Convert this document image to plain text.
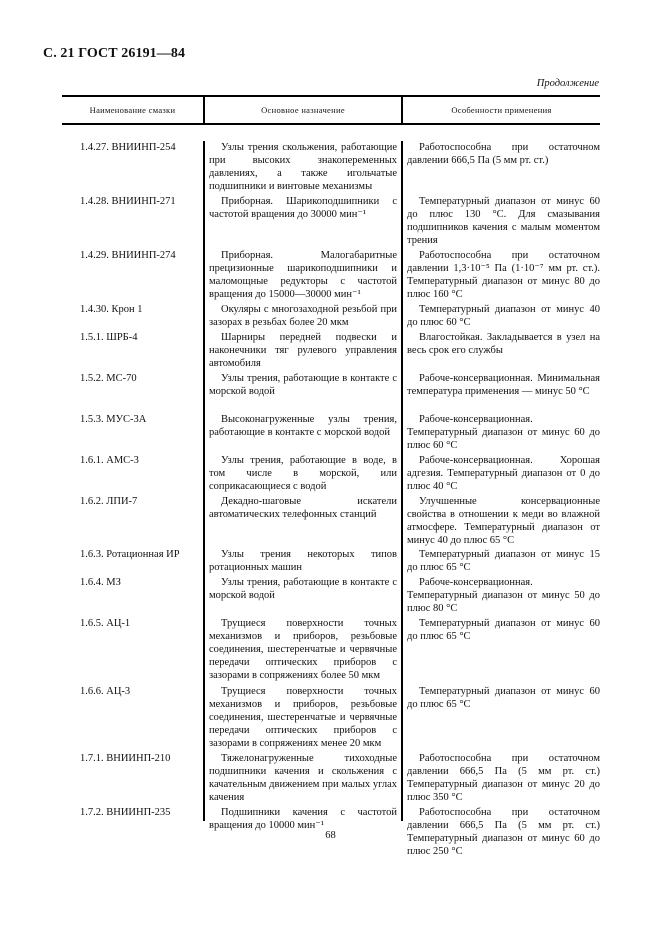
С. 21 ГОСТ 26191—84
Продолжение
Наименование смазки	Основное назначение	Особенности применения
1.4.27. ВНИИНП-254
1.4.28. ВНИИНП-271
1.4.29. ВНИИНП-274
1.4.30. Крон 1
1.5.1. ШРБ-4
1.5.2. МС-70
1.5.3. МУС-3А
1.6.1. АМС-3
1.6.2. ЛПИ-7
1.6.3. Ротационная ИР
1.6.4. МЗ
1.6.5. АЦ-1
1.6.6. АЦ-3
1.7.1. ВНИИНП-210
1.7.2. ВНИИНП-235
Узлы трения скольжения, работающие при высоких знакопеременных давлениях, а также игольчатые подшипники и винтовые механизмы
Приборная. Шарикоподшипники с частотой вращения до 30000 мин⁻¹
Приборная. Малогабаритные прецизионные шарикоподшипники и маломощные редукторы с частотой вращения до 15000—30000 мин⁻¹
Окуляры с многозаходной резьбой при зазорах в резьбах более 20 мкм
Шарниры передней подвески и наконечники тяг рулевого управления автомобиля
Узлы трения, работающие в контакте с морской водой
Высоконагруженные узлы трения, работающие в контакте с морской водой
Узлы трения, работающие в воде, в том числе в морской, или соприкасающиеся с водой
Декадно-шаговые искатели автоматических телефонных станций
Узлы трения некоторых типов ротационных машин
Узлы трения, работающие в контакте с морской водой
Трущиеся поверхности точных механизмов и приборов, резьбовые соединения, шестеренчатые и червячные передачи оптических приборов с зазорами в сопряжениях более 50 мкм
Трущиеся поверхности точных механизмов и приборов, резьбовые соединения, шестеренчатые и червячные передачи оптических приборов с зазорами в сопряжениях менее 20 мкм
Тяжелонагруженные тихоходные подшипники качения и скольжения с качательным движением при малых углах качения
Подшипники качения с частотой вращения до 10000 мин⁻¹
Работоспособна при остаточном давлении 666,5 Па (5 мм рт. ст.)
Температурный диапазон от минус 60 до плюс 130 °С. Для смазывания подшипников качения с малым моментом трения
Работоспособна при остаточном давлении 1,3·10⁻⁵ Па (1·10⁻⁷ мм рт. ст.). Температурный диапазон от минус 80 до плюс 160 °С
Температурный диапазон от минус 40 до плюс 60 °С
Влагостойкая. Закладывается в узел на весь срок его службы
Рабоче-консервационная. Минимальная температура применения — минус 50 °С
Рабоче-консервационная. Температурный диапазон от минус 60 до плюс 60 °С
Рабоче-консервационная. Хорошая адгезия. Температурный диапазон от 0 до плюс 40 °С
Улучшенные консервационные свойства в отношении к меди во влажной атмосфере. Температурный диапазон от минус 40 до плюс 65 °С
Температурный диапазон от минус 15 до плюс 65 °С
Рабоче-консервационная. Температурный диапазон от минус 50 до плюс 80 °С
Температурный диапазон от минус 60 до плюс 65 °С
Температурный диапазон от минус 60 до плюс 65 °С
Работоспособна при остаточном давлении 666,5 Па (5 мм рт. ст.) Температурный диапазон от минус 20 до плюс 350 °С
Работоспособна при остаточном давлении 666,5 Па (5 мм рт. ст.) Температурный диапазон от минус 60 до плюс 250 °С
68
